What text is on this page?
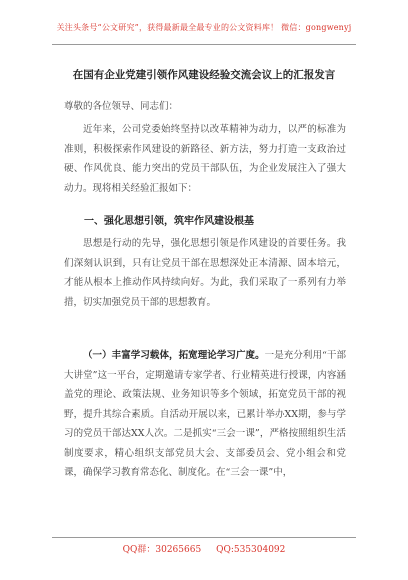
关注头条号“公文研究”，获得最新最全最专业的公文资料库！ 微信：gongwenyj
在国有企业党建引领作风建设经验交流会议上的汇报发言
尊敬的各位领导、同志们：

近年来，公司党委始终坚持以改革精神为动力，以严的标准为准则，积极探索作风建设的新路径、新方法，努力打造一支政治过硬、作风优良、能力突出的党员干部队伍，为企业发展注入了强大动力。现将相关经验汇报如下：

一、强化思想引领，筑牢作风建设根基

思想是行动的先导，强化思想引领是作风建设的首要任务。我们深刻认识到，只有让党员干部在思想深处正本清源、固本培元，才能从根本上推动作风持续向好。为此，我们采取了一系列有力举措，切实加强党员干部的思想教育。

（一）丰富学习载体，拓宽理论学习广度。一是充分利用“干部大讲堂”这一平台，定期邀请专家学者、行业精英进行授课，内容涵盖党的理论、政策法规、业务知识等多个领域，拓宽党员干部的视野，提升其综合素质。自活动开展以来，已累计举办XX期，参与学习的党员干部达XX人次。二是抓实“三会一课”，严格按照组织生活制度要求，精心组织支部党员大会、支部委员会、党小组会和党课，确保学习教育常态化、制度化。在“三会一课”中，

QQ群：30265665 QQ:535304092
